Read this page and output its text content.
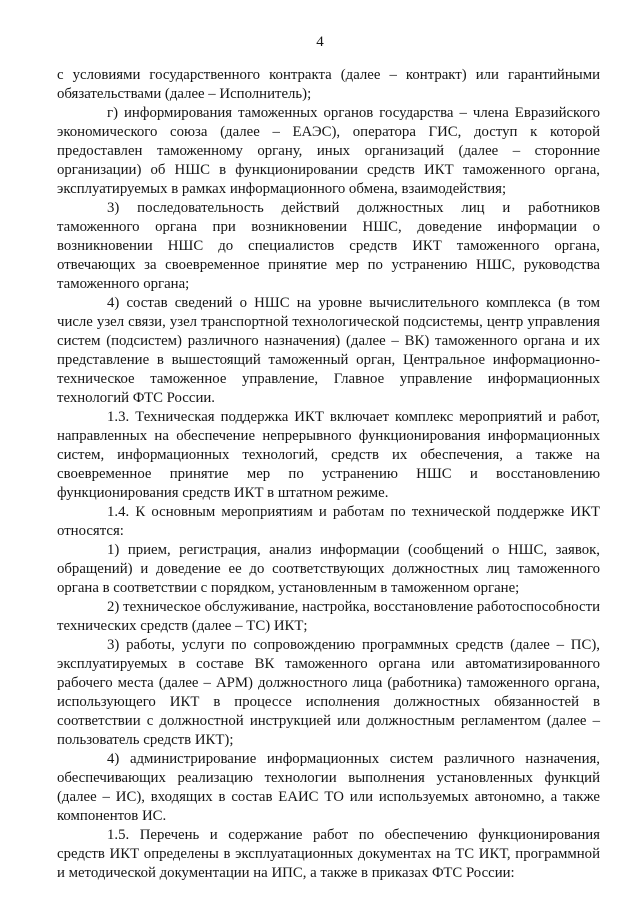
4

с условиями государственного контракта (далее – контракт) или гарантийными обязательствами (далее – Исполнитель);

г) информирования таможенных органов государства – члена Евразийского экономического союза (далее – ЕАЭС), оператора ГИС, доступ к которой предоставлен таможенному органу, иных организаций (далее – сторонние организации) об НШС в функционировании средств ИКТ таможенного органа, эксплуатируемых в рамках информационного обмена, взаимодействия;

3) последовательность действий должностных лиц и работников таможенного органа при возникновении НШС, доведение информации о возникновении НШС до специалистов средств ИКТ таможенного органа, отвечающих за своевременное принятие мер по устранению НШС, руководства таможенного органа;

4) состав сведений о НШС на уровне вычислительного комплекса (в том числе узел связи, узел транспортной технологической подсистемы, центр управления систем (подсистем) различного назначения) (далее – ВК) таможенного органа и их представление в вышестоящий таможенный орган, Центральное информационно-техническое таможенное управление, Главное управление информационных технологий ФТС России.

1.3. Техническая поддержка ИКТ включает комплекс мероприятий и работ, направленных на обеспечение непрерывного функционирования информационных систем, информационных технологий, средств их обеспечения, а также на своевременное принятие мер по устранению НШС и восстановлению функционирования средств ИКТ в штатном режиме.

1.4. К основным мероприятиям и работам по технической поддержке ИКТ относятся:

1) прием, регистрация, анализ информации (сообщений о НШС, заявок, обращений) и доведение ее до соответствующих должностных лиц таможенного органа в соответствии с порядком, установленным в таможенном органе;

2) техническое обслуживание, настройка, восстановление работоспособности технических средств (далее – ТС) ИКТ;

3) работы, услуги по сопровождению программных средств (далее – ПС), эксплуатируемых в составе ВК таможенного органа или автоматизированного рабочего места (далее – АРМ) должностного лица (работника) таможенного органа, использующего ИКТ в процессе исполнения должностных обязанностей в соответствии с должностной инструкцией или должностным регламентом (далее – пользователь средств ИКТ);

4) администрирование информационных систем различного назначения, обеспечивающих реализацию технологии выполнения установленных функций (далее – ИС), входящих в состав ЕАИС ТО или используемых автономно, а также компонентов ИС.

1.5. Перечень и содержание работ по обеспечению функционирования средств ИКТ определены в эксплуатационных документах на ТС ИКТ, программной и методической документации на ИПС, а также в приказах ФТС России:
